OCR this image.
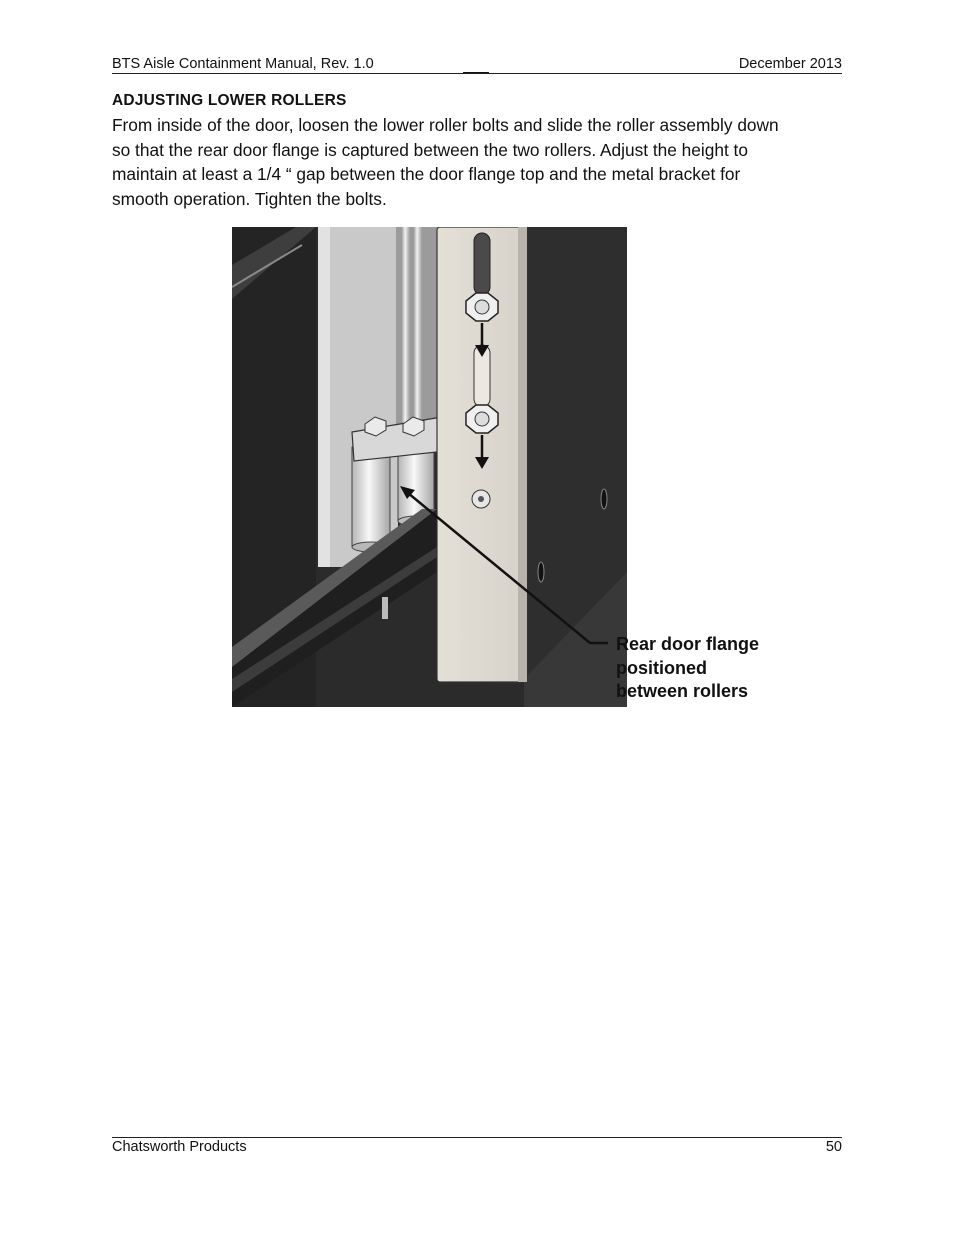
BTS Aisle Containment Manual, Rev. 1.0	December 2013
ADJUSTING LOWER ROLLERS

From inside of the door, loosen the lower roller bolts and slide the roller assembly down
so that the rear door flange is captured between the two rollers. Adjust the height to
maintain at least a 1/4 “ gap between the door flange top and the metal bracket for
smooth operation. Tighten the bolts.

Rear door flange
positioned
between rollers
Chatsworth Products	50
